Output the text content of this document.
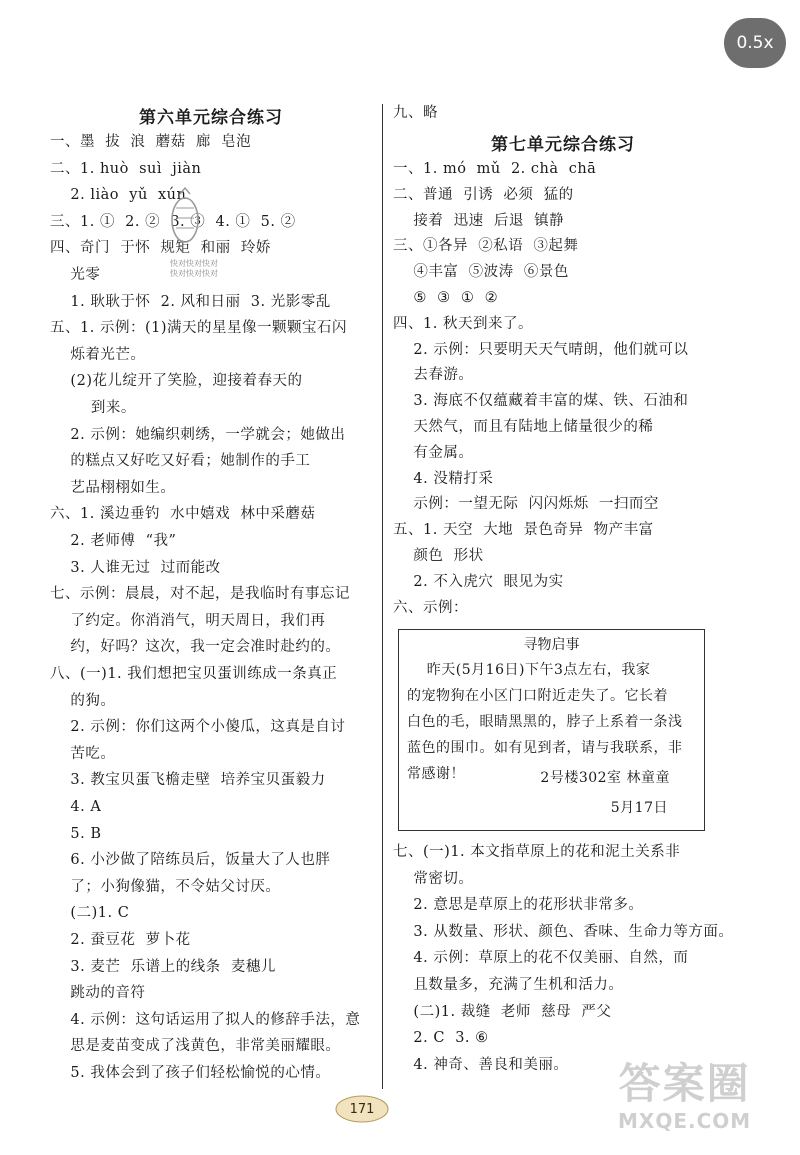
0.5x
第六单元综合练习
一、墨  拔  浪  蘑菇  廊  皂泡
二、1. huò  suì  jiàn
2. liào  yǔ  xún
三、1. ①  2. ②  3. ③  4. ①  5. ②
四、奇门  于怀  规矩  和丽  玲娇
光零
1. 耿耿于怀  2. 风和日丽  3. 光影零乱
五、1. 示例：(1)满天的星星像一颗颗宝石闪
烁着光芒。
(2)花儿绽开了笑脸，迎接着春天的
到来。
2. 示例：她编织刺绣，一学就会；她做出
的糕点又好吃又好看；她制作的手工
艺品栩栩如生。
六、1. 溪边垂钓  水中嬉戏  林中采蘑菇
2. 老师傅  “我”
3. 人谁无过  过而能改
七、示例：晨晨，对不起，是我临时有事忘记
了约定。你消消气，明天周日，我们再
约，好吗？这次，我一定会准时赴约的。
八、(一)1. 我们想把宝贝蛋训练成一条真正
的狗。
2. 示例：你们这两个小傻瓜，这真是自讨
苦吃。
3. 教宝贝蛋飞檐走壁  培养宝贝蛋毅力
4. A
5. B
6. 小沙做了陪练员后，饭量大了人也胖
了；小狗像猫，不令姑父讨厌。
(二)1. C
2. 蚕豆花  萝卜花
3. 麦芒  乐谱上的线条  麦穗儿
跳动的音符
4. 示例：这句话运用了拟人的修辞手法，意
思是麦苗变成了浅黄色，非常美丽耀眼。
5. 我体会到了孩子们轻松愉悦的心情。
九、略
第七单元综合练习
一、1. mó  mǔ  2. chà  chā
二、普通  引诱  必须  猛的
接着  迅速  后退  镇静
三、①各异  ②私语  ③起舞
④丰富  ⑤波涛  ⑥景色
⑤  ③  ①  ②
四、1. 秋天到来了。
2. 示例：只要明天天气晴朗，他们就可以
去春游。
3. 海底不仅蕴藏着丰富的煤、铁、石油和
天然气，而且有陆地上储量很少的稀
有金属。
4. 没精打采
示例：一望无际  闪闪烁烁  一扫而空
五、1. 天空  大地  景色奇异  物产丰富
颜色  形状
2. 不入虎穴  眼见为实
六、示例：
七、(一)1. 本文指草原上的花和泥土关系非
常密切。
2. 意思是草原上的花形状非常多。
3. 从数量、形状、颜色、香味、生命力等方面。
4. 示例：草原上的花不仅美丽、自然，而
且数量多，充满了生机和活力。
(二)1. 裁缝  老师  慈母  严父
2. C  3. ⑥
4. 神奇、善良和美丽。
寻物启事
昨天(5月16日)下午3点左右，我家
的宠物狗在小区门口附近走失了。它长着
白色的毛，眼睛黑黑的，脖子上系着一条浅
蓝色的围巾。如有见到者，请与我联系，非
常感谢！	2号楼302室 林童童
5月17日
快对快对快对
快对快对快对
171
答案圈
MXQE.COM
